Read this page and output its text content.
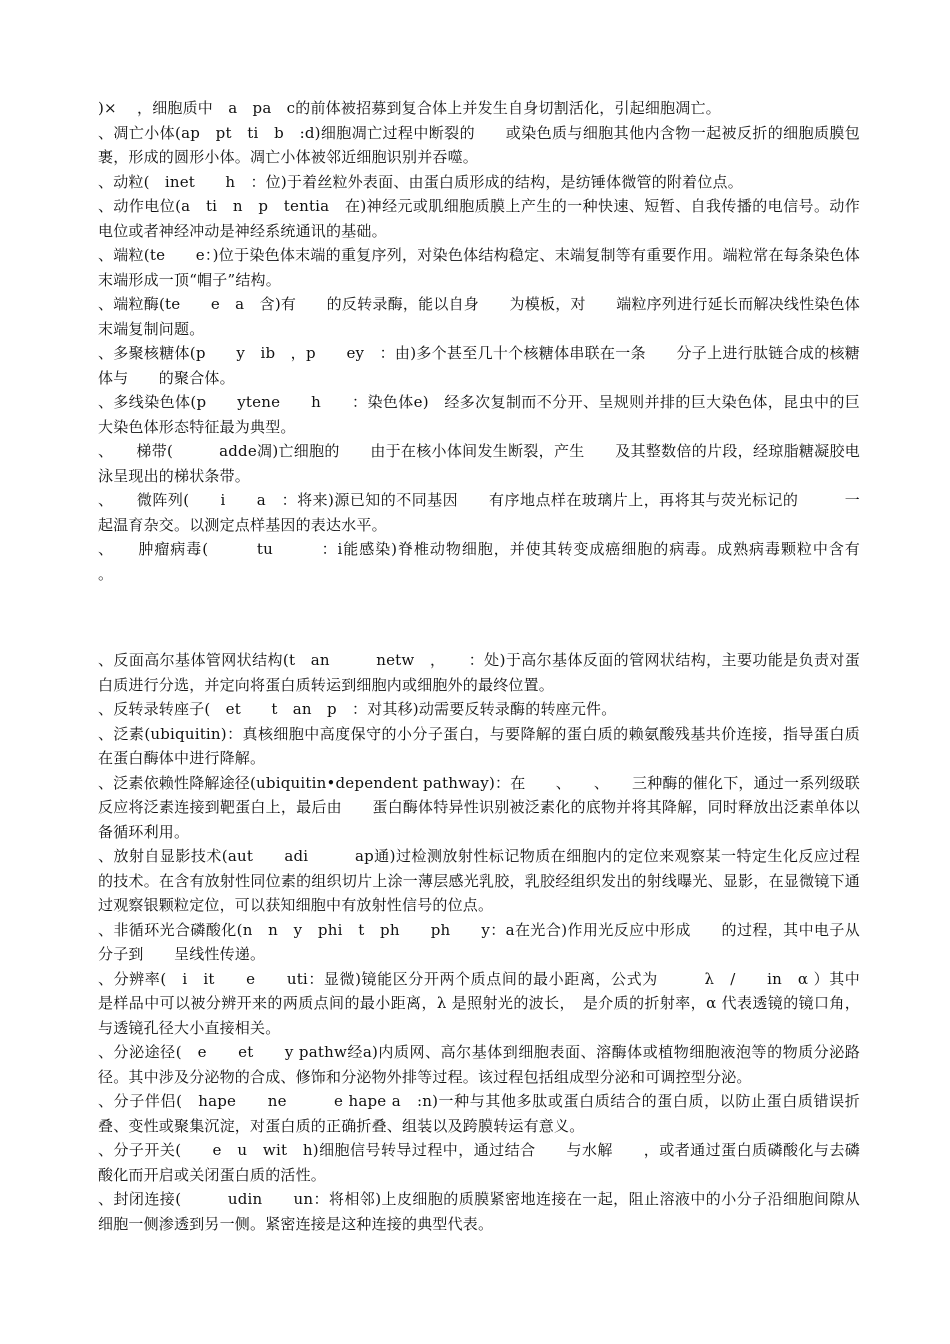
)×　 ，细胞质中　a　pa　c的前体被招募到复合体上并发生自身切割活化，引起细胞凋亡。

、凋亡小体(ap　pt　ti　b　:d)细胞凋亡过程中断裂的　　或染色质与细胞其他内含物一起被反折的细胞质膜包裹，形成的圆形小体。凋亡小体被邻近细胞识别并吞噬。

、动粒(　inet　　h　：位)于着丝粒外表面、由蛋白质形成的结构，是纺锤体微管的附着位点。

、动作电位(a　ti　n　p　tentia　在)神经元或肌细胞质膜上产生的一种快速、短暂、自我传播的电信号。动作电位或者神经冲动是神经系统通讯的基础。

、端粒(te　　e：)位于染色体末端的重复序列，对染色体结构稳定、末端复制等有重要作用。端粒常在每条染色体末端形成一顶“帽子”结构。

、端粒酶(te　　e　a　含)有　　的反转录酶，能以自身　　为模板，对　　端粒序列进行延长而解决线性染色体末端复制问题。

、多聚核糖体(p　　y　ib　，p　　ey　：由)多个甚至几十个核糖体串联在一条　　分子上进行肽链合成的核糖体与　　的聚合体。

、多线染色体(p　　ytene　　h　　：染色体e)　经多次复制而不分开、呈规则并排的巨大染色体，昆虫中的巨大染色体形态特征最为典型。

、　　梯带(　　　adde凋)亡细胞的　　由于在核小体间发生断裂，产生　　及其整数倍的片段，经琼脂糖凝胶电泳呈现出的梯状条带。

、　　微阵列(　　i　　a　：将来)源已知的不同基因　　有序地点样在玻璃片上，再将其与荧光标记的　　　一起温育杂交。以测定点样基因的表达水平。

、　　肿瘤病毒(　　　tu　　　：i能感染)脊椎动物细胞，并使其转变成癌细胞的病毒。成熟病毒颗粒中含有　　。

、反面高尔基体管网状结构(t　an　　　netw　，　　：处)于高尔基体反面的管网状结构，主要功能是负责对蛋白质进行分选，并定向将蛋白质转运到细胞内或细胞外的最终位置。

、反转录转座子(　et　　t　an　p　：对其移)动需要反转录酶的转座元件。

、泛素(ubiquitin)：真核细胞中高度保守的小分子蛋白，与要降解的蛋白质的赖氨酸残基共价连接，指导蛋白质在蛋白酶体中进行降解。

、泛素依赖性降解途径(ubiquitin•dependent pathway)：在　　、　　、　　三种酶的催化下，通过一系列级联反应将泛素连接到靶蛋白上，最后由　　蛋白酶体特异性识别被泛素化的底物并将其降解，同时释放出泛素单体以备循环利用。

、放射自显影技术(aut　　adi　　　ap通)过检测放射性标记物质在细胞内的定位来观察某一特定生化反应过程的技术。在含有放射性同位素的组织切片上涂一薄层感光乳胶，乳胶经组织发出的射线曝光、显影，在显微镜下通过观察银颗粒定位，可以获知细胞中有放射性信号的位点。

、非循环光合磷酸化(n　n　y　phi　t　ph　　ph　　y：a在光合)作用光反应中形成　　的过程，其中电子从　　分子到　　呈线性传递。

、分辨率(　i　it　　e　　uti：显微)镜能区分开两个质点间的最小距离，公式为　　　λ　/　　in　α ）其中　是样品中可以被分辨开来的两质点间的最小距离，λ 是照射光的波长，　是介质的折射率，α 代表透镜的镜口角，与透镜孔径大小直接相关。

、分泌途径(　e　　et　　y pathw经a)内质网、高尔基体到细胞表面、溶酶体或植物细胞液泡等的物质分泌路径。其中涉及分泌物的合成、修饰和分泌物外排等过程。该过程包括组成型分泌和可调控型分泌。

、分子伴侣(　hape　　ne　　　e hape a　:n)一种与其他多肽或蛋白质结合的蛋白质，以防止蛋白质错误折叠、变性或聚集沉淀，对蛋白质的正确折叠、组装以及跨膜转运有意义。

、分子开关(　　e　u　wit　h)细胞信号转导过程中，通过结合　　与水解　　，或者通过蛋白质磷酸化与去磷酸化而开启或关闭蛋白质的活性。

、封闭连接(　　　udin　　un：将相邻)上皮细胞的质膜紧密地连接在一起，阻止溶液中的小分子沿细胞间隙从细胞一侧渗透到另一侧。紧密连接是这种连接的典型代表。
